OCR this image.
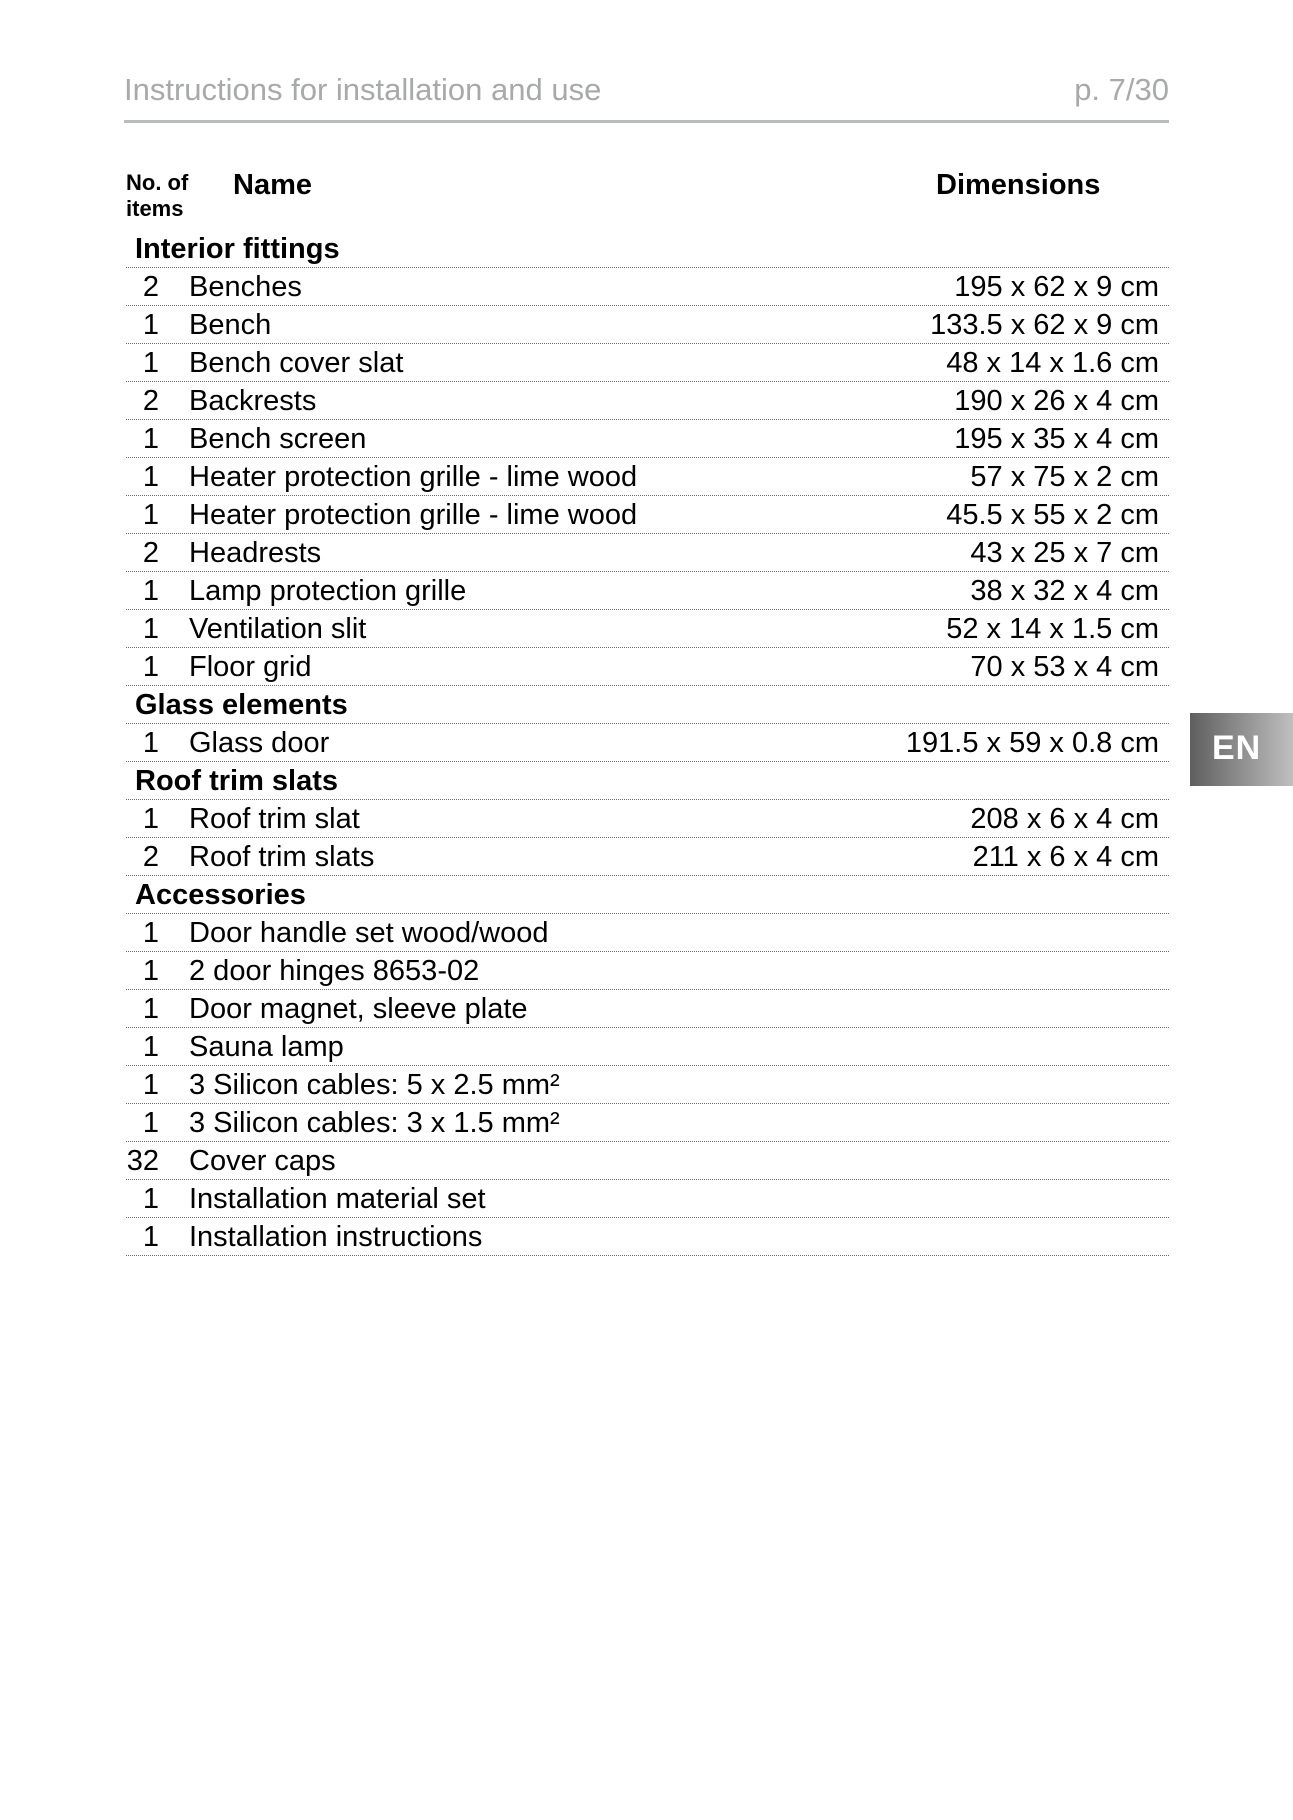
Instructions for installation and use	p. 7/30
No. of
items
Name	Dimensions
Interior fittings
2 Benches	195 x 62 x 9 cm
1 Bench	133.5 x 62 x 9 cm
1 Bench cover slat	48 x 14 x 1.6 cm
2 Backrests	190 x 26 x 4 cm
1 Bench screen	195 x 35 x 4 cm
1 Heater protection grille - lime wood	57 x 75 x 2 cm
1 Heater protection grille - lime wood	45.5 x 55 x 2 cm
2 Headrests	43 x 25 x 7 cm
1 Lamp protection grille	38 x 32 x 4 cm
1 Ventilation slit	52 x 14 x 1.5 cm
1 Floor grid	70 x 53 x 4 cm
Glass elements
1 Glass door	191.5 x 59 x 0.8 cm
Roof trim slats
1 Roof trim slat	208 x 6 x 4 cm
2 Roof trim slats	211 x 6 x 4 cm
Accessories
1 Door handle set wood/wood
1 2 door hinges 8653-02
1 Door magnet, sleeve plate
1 Sauna lamp
1 3 Silicon cables: 5 x 2.5 mm²
1 3 Silicon cables: 3 x 1.5 mm²
32 Cover caps
1 Installation material set
1 Installation instructions
EN
